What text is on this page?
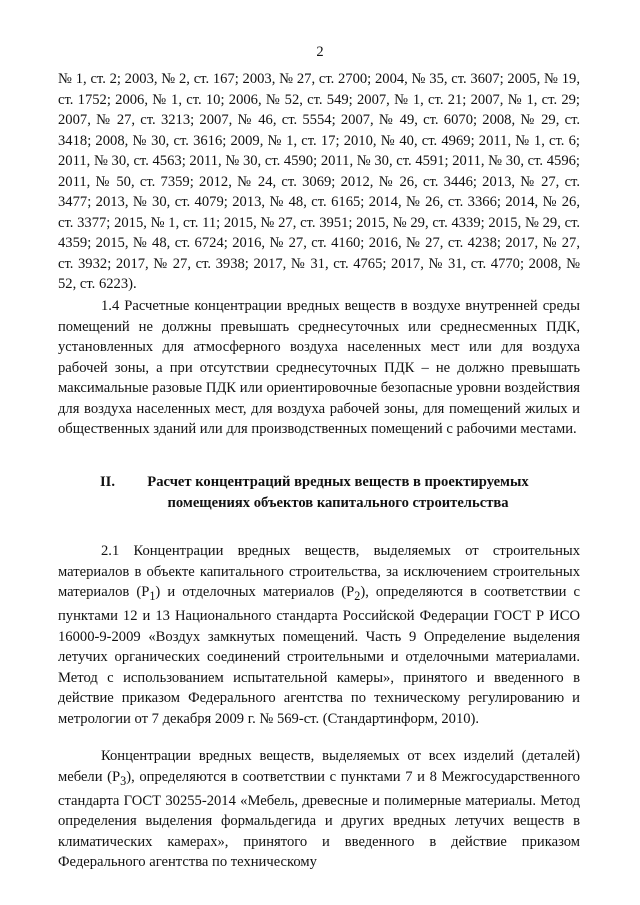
2

№ 1, ст. 2; 2003, № 2, ст. 167; 2003, № 27, ст. 2700; 2004, № 35, ст. 3607; 2005, № 19, ст. 1752; 2006, № 1, ст. 10; 2006, № 52, ст. 549; 2007, № 1, ст. 21; 2007, № 1, ст. 29; 2007, № 27, ст. 3213; 2007, № 46, ст. 5554; 2007, № 49, ст. 6070; 2008, № 29, ст. 3418; 2008, № 30, ст. 3616; 2009, № 1, ст. 17; 2010, № 40, ст. 4969; 2011, № 1, ст. 6; 2011, № 30, ст. 4563; 2011, № 30, ст. 4590; 2011, № 30, ст. 4591; 2011, № 30, ст. 4596; 2011, № 50, ст. 7359; 2012, № 24, ст. 3069; 2012, № 26, ст. 3446; 2013, № 27, ст. 3477; 2013, № 30, ст. 4079; 2013, № 48, ст. 6165; 2014, № 26, ст. 3366; 2014, № 26, ст. 3377; 2015, № 1, ст. 11; 2015, № 27, ст. 3951; 2015, № 29, ст. 4339; 2015, № 29, ст. 4359; 2015, № 48, ст. 6724; 2016, № 27, ст. 4160; 2016, № 27, ст. 4238; 2017, № 27, ст. 3932; 2017, № 27, ст. 3938; 2017, № 31, ст. 4765; 2017, № 31, ст. 4770; 2008, № 52, ст. 6223).

1.4 Расчетные концентрации вредных веществ в воздухе внутренней среды помещений не должны превышать среднесуточных или среднесменных ПДК, установленных для атмосферного воздуха населенных мест или для воздуха рабочей зоны, а при отсутствии среднесуточных ПДК – не должно превышать максимальные разовые ПДК или ориентировочные безопасные уровни воздействия для воздуха населенных мест, для воздуха рабочей зоны, для помещений жилых и общественных зданий или для производственных помещений с рабочими местами.

II.	Расчет концентраций вредных веществ в проектируемых помещениях объектов капитального строительства

2.1 Концентрации вредных веществ, выделяемых от строительных материалов в объекте капитального строительства, за исключением строительных материалов $(Р_1)$ и отделочных материалов $(Р_2)$, определяются в соответствии с пунктами 12 и 13 Национального стандарта Российской Федерации ГОСТ Р ИСО 16000-9-2009 «Воздух замкнутых помещений. Часть 9 Определение выделения летучих органических соединений строительными и отделочными материалами. Метод с использованием испытательной камеры», принятого и введенного в действие приказом Федерального агентства по техническому регулированию и метрологии от 7 декабря 2009 г. № 569-ст. (Стандартинформ, 2010).

Концентрации вредных веществ, выделяемых от всех изделий (деталей) мебели $(Р_3)$, определяются в соответствии с пунктами 7 и 8 Межгосударственного стандарта ГОСТ 30255-2014 «Мебель, древесные и полимерные материалы. Метод определения выделения формальдегида и других вредных летучих веществ в климатических камерах», принятого и введенного в действие приказом Федерального агентства по техническому
